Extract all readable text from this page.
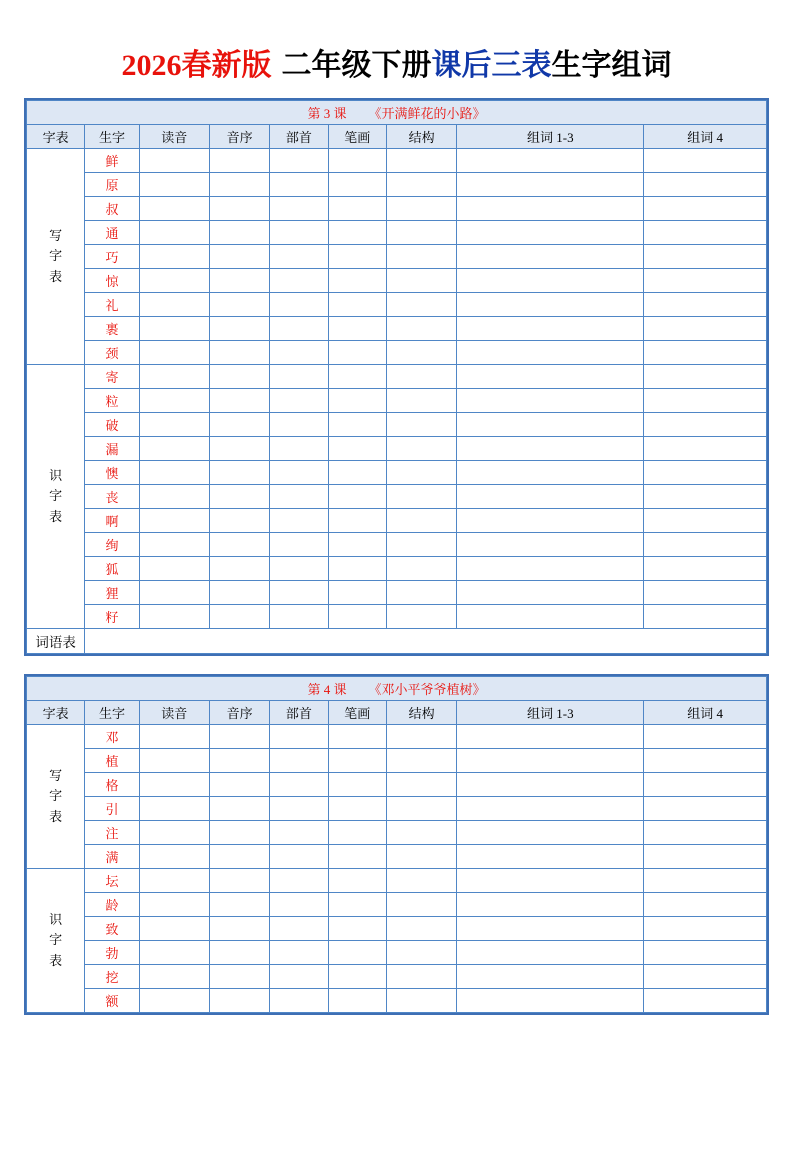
2026春新版 二年级下册课后三表生字组词
第 3 课 《开满鲜花的小路》								
字表	生字	读音	音序	部首	笔画	结构	组词 1-3	组词 4

写
字
表	鲜							
	原							
	叔							
	通							
	巧							
	惊							
	礼							
	裹							
	颈							

识
字
表	寄							
	粒							
	破							
	漏							
	懊							
	丧							
	啊							
	绚							
	狐							
	狸							
	籽							
词语表								
第 4 课 《邓小平爷爷植树》								
字表	生字	读音	音序	部首	笔画	结构	组词 1-3	组词 4

写
字
表	邓							
	植							
	格							
	引							
	注							
	满							

识
字
表	坛							
	龄							
	致							
	勃							
	挖							
	额							
